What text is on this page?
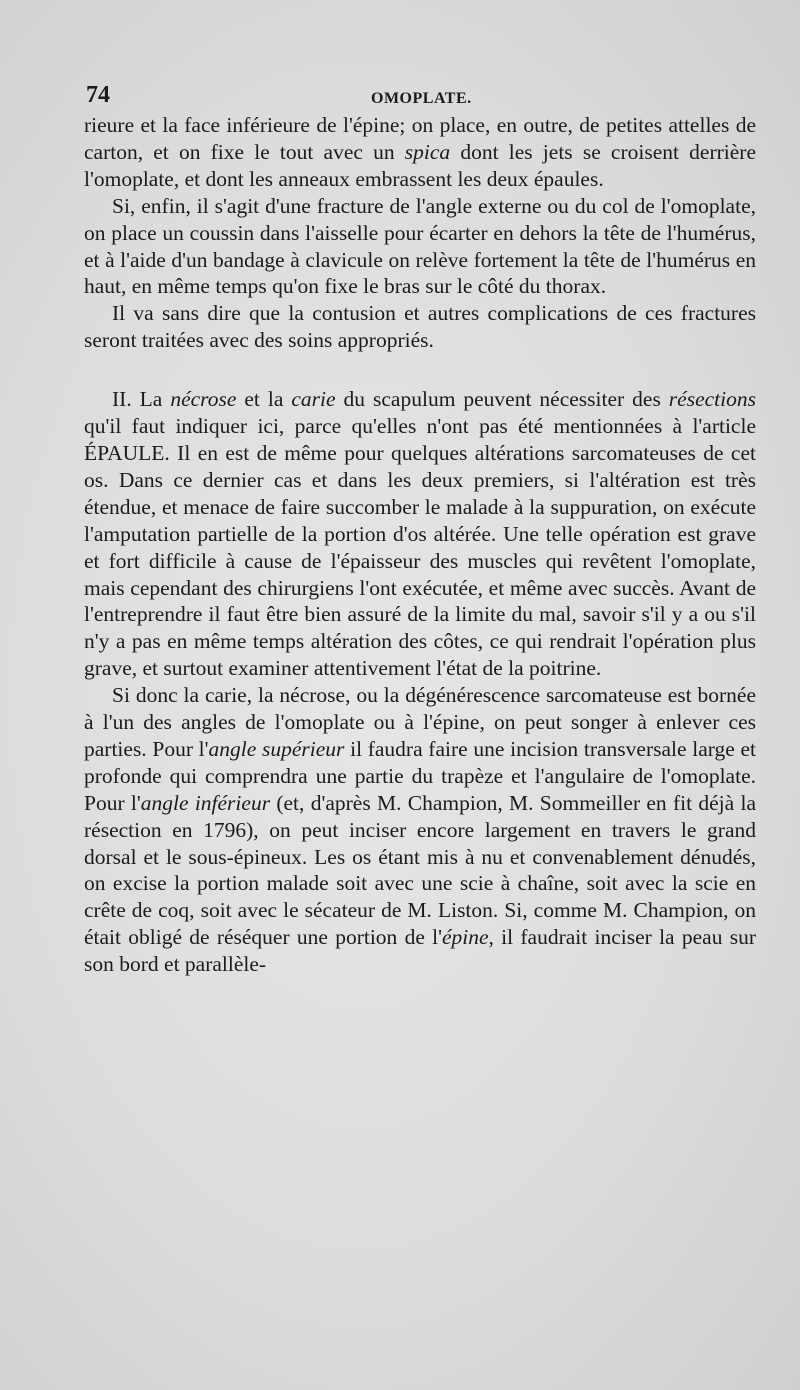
74	OMOPLATE.

rieure et la face inférieure de l'épine; on place, en outre, de petites attelles de carton, et on fixe le tout avec un spica dont les jets se croisent derrière l'omoplate, et dont les anneaux embrassent les deux épaules.

Si, enfin, il s'agit d'une fracture de l'angle externe ou du col de l'omoplate, on place un coussin dans l'aisselle pour écarter en dehors la tête de l'humérus, et à l'aide d'un bandage à clavicule on relève fortement la tête de l'humérus en haut, en même temps qu'on fixe le bras sur le côté du thorax.

Il va sans dire que la contusion et autres complications de ces fractures seront traitées avec des soins appropriés.

II. La nécrose et la carie du scapulum peuvent nécessiter des résections qu'il faut indiquer ici, parce qu'elles n'ont pas été mentionnées à l'article ÉPAULE. Il en est de même pour quelques altérations sarcomateuses de cet os. Dans ce dernier cas et dans les deux premiers, si l'altération est très étendue, et menace de faire succomber le malade à la suppuration, on exécute l'amputation partielle de la portion d'os altérée. Une telle opération est grave et fort difficile à cause de l'épaisseur des muscles qui revêtent l'omoplate, mais cependant des chirurgiens l'ont exécutée, et même avec succès. Avant de l'entreprendre il faut être bien assuré de la limite du mal, savoir s'il y a ou s'il n'y a pas en même temps altération des côtes, ce qui rendrait l'opération plus grave, et surtout examiner attentivement l'état de la poitrine.

Si donc la carie, la nécrose, ou la dégénérescence sarcomateuse est bornée à l'un des angles de l'omoplate ou à l'épine, on peut songer à enlever ces parties. Pour l'angle supérieur il faudra faire une incision transversale large et profonde qui comprendra une partie du trapèze et l'angulaire de l'omoplate. Pour l'angle inférieur (et, d'après M. Champion, M. Sommeiller en fit déjà la résection en 1796), on peut inciser encore largement en travers le grand dorsal et le sous-épineux. Les os étant mis à nu et convenablement dénudés, on excise la portion malade soit avec une scie à chaîne, soit avec la scie en crête de coq, soit avec le sécateur de M. Liston. Si, comme M. Champion, on était obligé de réséquer une portion de l'épine, il faudrait inciser la peau sur son bord et parallèle-
